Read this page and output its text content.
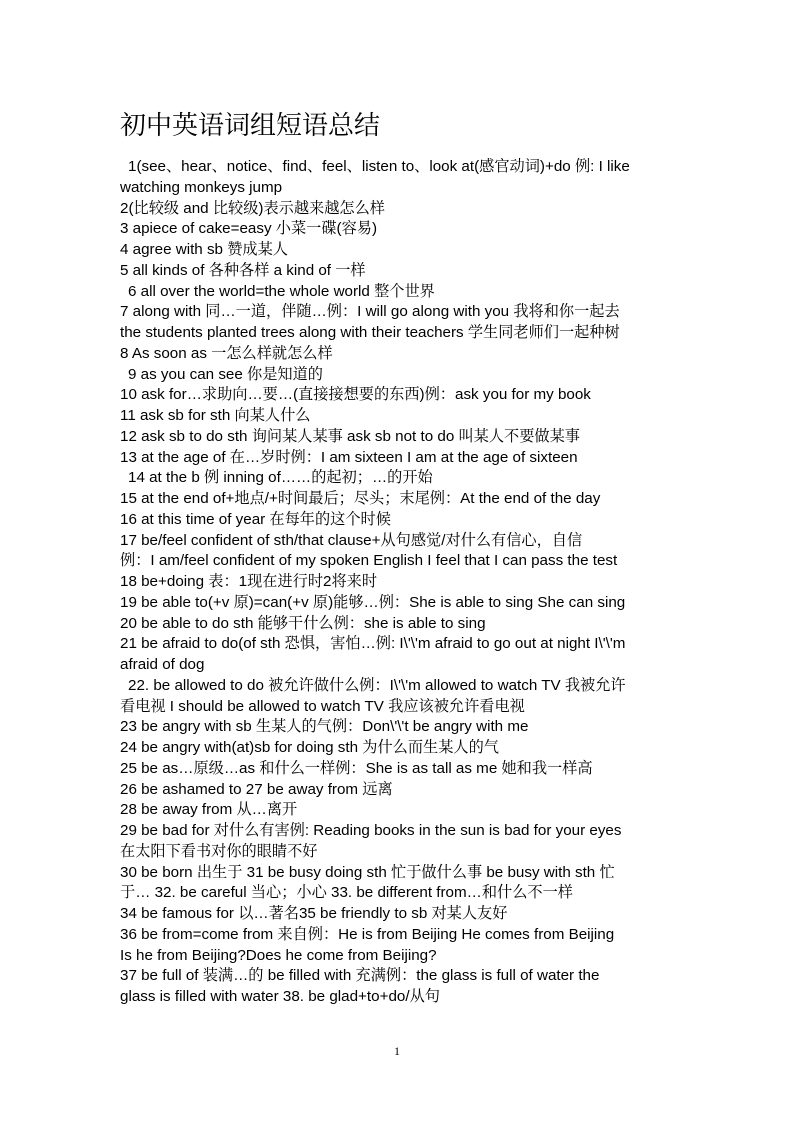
初中英语词组短语总结
1(see、hear、notice、find、feel、listen to、look at(感官动词)+do 例: I like
watching monkeys jump
2(比较级 and 比较级)表示越来越怎么样
3 apiece of cake=easy 小菜一碟(容易)
4 agree with sb 赞成某人
5 all kinds of 各种各样 a kind of 一样
6 all over the world=the whole world 整个世界
7 along with 同…一道，伴随…例：I will go along with you 我将和你一起去
the students planted trees along with their teachers 学生同老师们一起种树
8 As soon as 一怎么样就怎么样
9 as you can see 你是知道的
10 ask for…求助向…要…(直接接想要的东西)例：ask you for my book
11 ask sb for sth 向某人什么
12 ask sb to do sth 询问某人某事 ask sb not to do 叫某人不要做某事
13 at the age of 在…岁时例：I am sixteen I am at the age of sixteen
14 at the b 例 inning of……的起初；…的开始
15 at the end of+地点/+时间最后；尽头；末尾例：At the end of the day
16 at this time of year 在每年的这个时候
17 be/feel confident of sth/that clause+从句感觉/对什么有信心，自信
例：I am/feel confident of my spoken English I feel that I can pass the test
18 be+doing 表：1现在进行时2将来时
19 be able to(+v 原)=can(+v 原)能够…例：She is able to sing She can sing
20 be able to do sth 能够干什么例：she is able to sing
21 be afraid to do(of sth 恐惧，害怕…例: I\'\'m afraid to go out at night I\'\'m
afraid of dog
22. be allowed to do 被允许做什么例：I\'\'m allowed to watch TV 我被允许
看电视 I should be allowed to watch TV 我应该被允许看电视
23 be angry with sb 生某人的气例：Don\'\'t be angry with me
24 be angry with(at)sb for doing sth 为什么而生某人的气
25 be as…原级…as 和什么一样例：She is as tall as me 她和我一样高
26 be ashamed to 27 be away from 远离
28 be away from 从…离开
29 be bad for 对什么有害例: Reading books in the sun is bad for your eyes
在太阳下看书对你的眼睛不好
30 be born 出生于 31 be busy doing sth 忙于做什么事 be busy with sth 忙
于… 32. be careful 当心；小心 33. be different from…和什么不一样
34 be famous for 以…著名35 be friendly to sb 对某人友好
36 be from=come from 来自例：He is from Beijing He comes from Beijing
Is he from Beijing?Does he come from Beijing?
37 be full of 装满…的 be filled with 充满例：the glass is full of water the
glass is filled with water 38. be glad+to+do/从句
1
